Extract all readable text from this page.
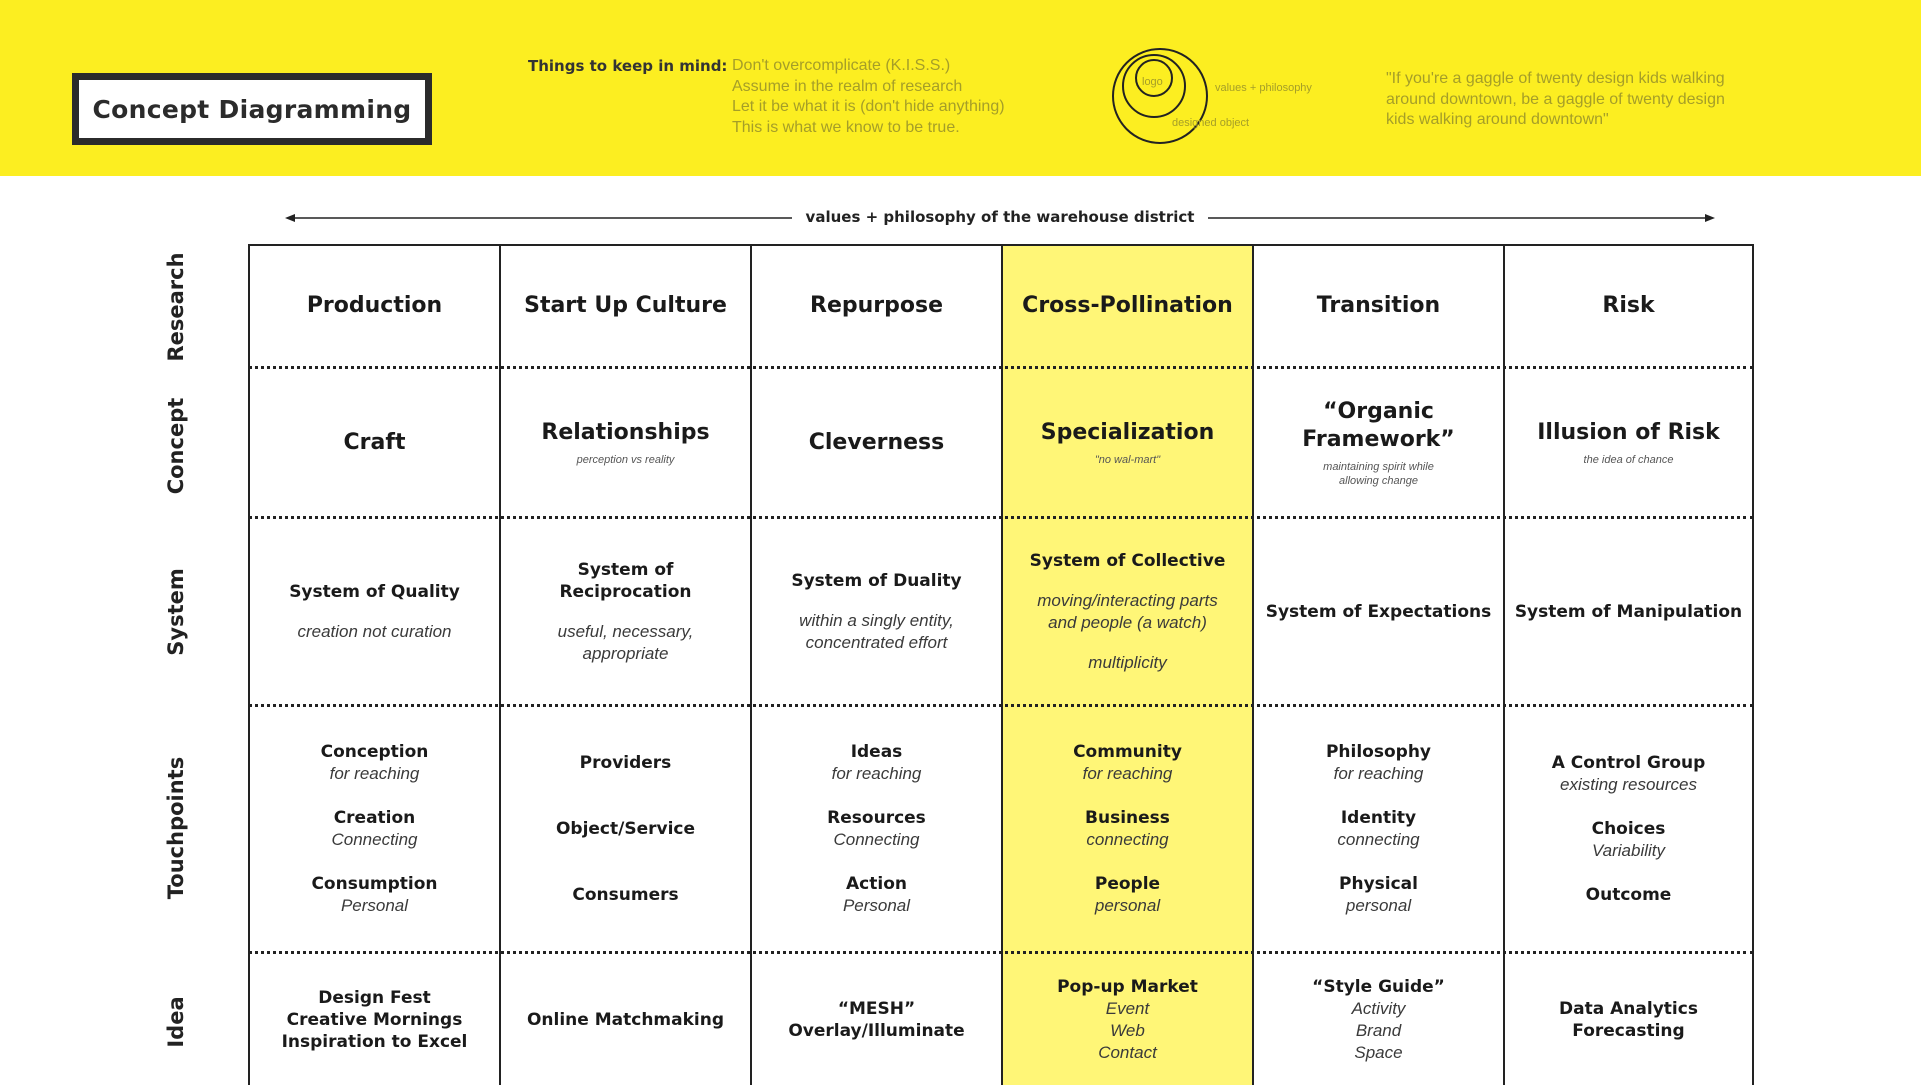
Concept Diagramming
Things to keep in mind: Don't overcomplicate (K.I.S.S.)
Assume in the realm of research
Let it be what it is (don't hide anything)
This is what we know to be true.
logo	values + philosophy
designed object
"If you're a gaggle of twenty design kids walking around downtown, be a gaggle of twenty design kids walking around downtown"
values + philosophy of the warehouse district
Research
Concept
System
Touchpoints
Idea
Production
Craft
System of Quality
creation not curation
Conception
for reaching
Creation
Connecting
Consumption
Personal
Design Fest
Creative Mornings
Inspiration to Excel
Start Up Culture
Relationships
perception vs reality
System of Reciprocation
useful, necessary,
appropriate
Providers
Object/Service
Consumers
Online Matchmaking
Repurpose
Cleverness
System of Duality
within a singly entity,
concentrated effort
Ideas
for reaching
Resources
Connecting
Action
Personal
“MESH”
Overlay/Illuminate
Cross-Pollination
Specialization
"no wal-mart"
System of Collective
moving/interacting parts
and people (a watch)
multiplicity
Community
for reaching
Business
connecting
People
personal
Pop-up Market
Event
Web
Contact
Transition
“Organic Framework”
maintaining spirit while allowing change
System of Expectations
Philosophy
for reaching
Identity
connecting
Physical
personal
“Style Guide”
Activity
Brand
Space
Risk
Illusion of Risk
the idea of chance
System of Manipulation
A Control Group
existing resources
Choices
Variability
Outcome
Data Analytics
Forecasting
